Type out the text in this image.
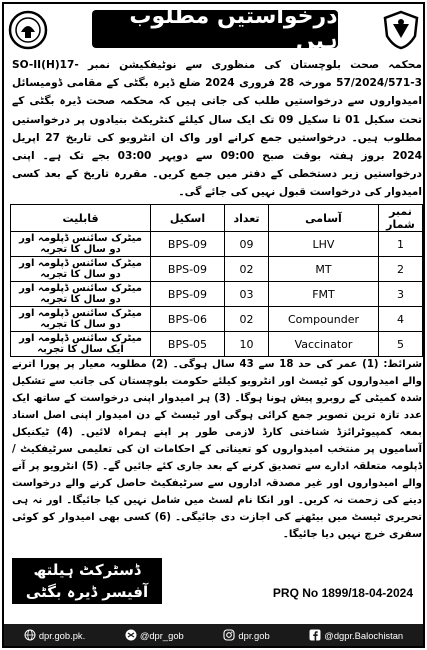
درخواستیں مطلوب ہیں
محکمہ صحت بلوچستان کی منظوری سے نوٹیفکیشن نمبر SO-II(H)17-57/2024/571-3 مورخہ 28 فروری 2024 ضلع ڈیرہ بگٹی کے مقامی ڈومیسائل امیدواروں سے درخواستیں طلب کی جاتی ہیں کہ محکمہ صحت ڈیرہ بگٹی کے تحت سکیل 01 تا سکیل 09 تک ایک سال کیلئے کنٹریکٹ بنیادوں پر درخواستیں مطلوب ہیں۔ درخواستیں جمع کرانے اور واک ان انٹرویو کی تاریخ 27 اپریل 2024 بروز ہفتہ بوقت صبح 09:00 سے دوپہر 03:00 بجے تک ہے۔ اپنی درخواستیں زیر دستخطی کے دفتر میں جمع کریں۔ مقررہ تاریخ کے بعد کسی امیدوار کی درخواست قبول نہیں کی جائے گی۔
قابلیت	اسکیل	تعداد	آسامی	نمبر شمار
میٹرک سائنس ڈپلومہ اور دو سال کا تجربہ	BPS-09	09	LHV	1
میٹرک سائنس ڈپلومہ اور دو سال کا تجربہ	BPS-09	02	MT	2
میٹرک سائنس ڈپلومہ اور دو سال کا تجربہ	BPS-09	03	FMT	3
میٹرک سائنس ڈپلومہ اور دو سال کا تجربہ	BPS-06	02	Compounder	4
میٹرک سائنس ڈپلومہ اور ایک سال کا تجربہ	BPS-05	10	Vaccinator	5
شرائط: (1) عمر کی حد 18 سے 43 سال ہوگی۔ (2) مطلوبہ معیار پر پورا اترنے والے امیدواروں کو ٹیسٹ اور انٹرویو کیلئے حکومت بلوچستان کی جانب سے تشکیل شدہ کمیٹی کے روبرو پیش ہونا ہوگا۔ (3) ہر امیدوار اپنی درخواست کے ساتھ ایک عدد تازہ ترین تصویر جمع کرائی ہوگی اور ٹیسٹ کے دن امیدوار اپنی اصل اسناد بمعہ کمپیوٹرائزڈ شناختی کارڈ لازمی طور پر اپنے ہمراہ لائیں۔ (4) ٹیکنیکل آسامیوں پر منتخب امیدواروں کو تعیناتی کے احکامات ان کی تعلیمی سرٹیفکیٹ / ڈپلومہ متعلقہ ادارے سے تصدیق کرنے کے بعد جاری کئے جائیں گے۔ (5) انٹرویو پر آنے والے امیدواروں اور غیر مصدقہ اداروں سے سرٹیفکیٹ حاصل کرنے والے درخواست دینے کی زحمت نہ کریں۔ اور انکا نام لسٹ میں شامل نہیں کیا جائیگا۔ اور نہ ہی تحریری ٹیسٹ میں بیٹھنے کی اجازت دی جائیگی۔ (6) کسی بھی امیدوار کو کوئی سفری خرچ نہیں دیا جائیگا۔
ڈسٹرکٹ ہیلتھ
آفیسر ڈیرہ بگٹی	PRQ No 1899/18-04-2024
dpr.gob.pk.	@dpr_gob	dpr.gob	@dgpr.Balochistan
